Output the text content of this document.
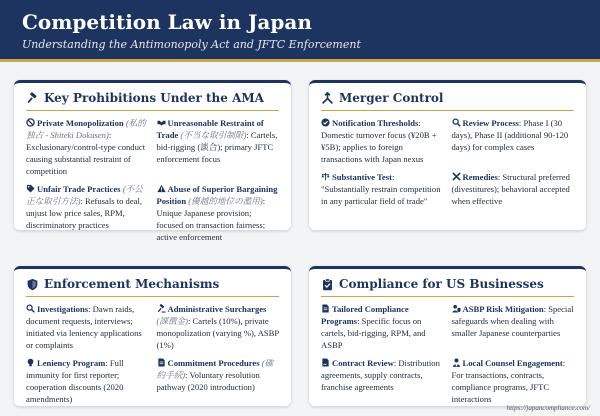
Competition Law in Japan
Understanding the Antimonopoly Act and JFTC Enforcement
Key Prohibitions Under the AMA
Private Monopolization (私的独占 - Shiteki Dokusen): Exclusionary/control-type conduct causing substantial restraint of competition
Unreasonable Restraint of Trade (不当な取引制限): Cartels, bid-rigging (談合); primary JFTC enforcement focus
Unfair Trade Practices (不公正な取引方法): Refusals to deal, unjust low price sales, RPM, discriminatory practices
Abuse of Superior Bargaining Position (優越的地位の濫用): Unique Japanese provision; focused on transaction fairness; active enforcement
Merger Control
Notification Thresholds: Domestic turnover focus (¥20B + ¥5B); applies to foreign transactions with Japan nexus
Review Process: Phase I (30 days), Phase II (additional 90-120 days) for complex cases
Substantive Test: "Substantially restrain competition in any particular field of trade"
Remedies: Structural preferred (divestitures); behavioral accepted when effective
Enforcement Mechanisms
Investigations: Dawn raids, document requests, interviews; initiated via leniency applications or complaints
Administrative Surcharges (課徴金): Cartels (10%), private monopolization (varying %), ASBP (1%)
Leniency Program: Full immunity for first reporter; cooperation discounts (2020 amendments)
Commitment Procedures (確約手続): Voluntary resolution pathway (2020 introduction)
Compliance for US Businesses
Tailored Compliance Programs: Specific focus on cartels, bid-rigging, RPM, and ASBP
ASBP Risk Mitigation: Special safeguards when dealing with smaller Japanese counterparties
Contract Review: Distribution agreements, supply contracts, franchise agreements
Local Counsel Engagement: For transactions, contracts, compliance programs, JFTC interactions
https://japancompliance.com/
